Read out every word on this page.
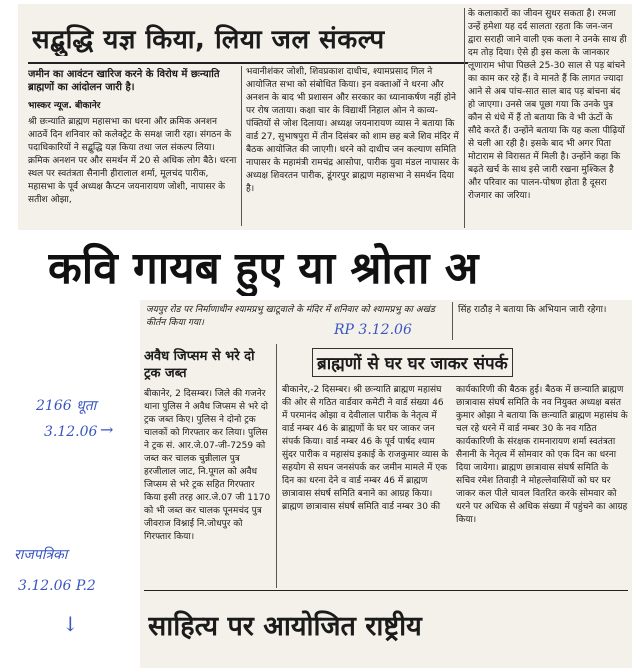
सद्बुद्धि यज्ञ किया, लिया जल संकल्प
जमीन का आवंटन खारिज करने के विरोध में छःन्याति ब्राह्मणों का आंदोलन जारी है।
भास्कर न्यूज. बीकानेर
श्री छःन्याति ब्राह्मण महासभा का धरना और क्रमिक अनशन आठवें दिन शनिवार को कलेक्ट्रेट के समक्ष जारी रहा। संगठन के पदाधिकारियों ने सद्बुद्धि यज्ञ किया तथा जल संकल्प लिया। क्रमिक अनशन पर और समर्थन में 20 से अधिक लोग बैठे। धरना स्थल पर स्वतंत्रता सैनानी हीरालाल शर्मा, मूलचंद पारीक, महासभा के पूर्व अध्यक्ष कैप्टन जयनारायण जोशी, नापासर के सतीश ओझा,
भवानीशंकर जोशी, शिवप्रकाश दाधीच, श्यामप्रसाद गिल ने आयोजित सभा को संबोधित किया। इन वक्ताओं ने धरना और अनशन के बाद भी प्रशासन और सरकार का ध्यानाकर्षण नहीं होने पर रोष जताया। कक्षा चार के विद्यार्थी निहाल ओन ने काव्य-पंक्तियों से जोश दिलाया। अध्यक्ष जयनारायण व्यास ने बताया कि वार्ड 27, सुभाषपुरा में तीन दिसंबर को शाम छह बजे शिव मंदिर में बैठक आयोजित की जाएगी। धरने को दाधीच जन कल्याण समिति नापासर के महामंत्री रामचंद्र आसोपा, पारीक युवा मंडल नापासर के अध्यक्ष शिवरतन पारीक, डूंगरपुर ब्राह्मण महासभा ने समर्थन दिया है।
के कलाकारों का जीवन सुधर सकता है। रमजा उन्हें हमेशा यह दर्द सालता रहता कि जन-जन द्वारा सराही जाने वाली एक कला ने उनके साथ ही दम तोड़ दिया। ऐसे ही इस कला के जानकार लूणाराम भोपा पिछले 25-30 साल से पड़ बांचने का काम कर रहे हैं। वे मानते हैं कि लागत ज्यादा आने से अब पांच-सात साल बाद पड़ बांचना बंद हो जाएगा। उनसे जब पूछा गया कि उनके पुत्र कौन से धंधे में हैं तो बताया कि वे भी ऊंटों के सौदे करते हैं। उन्होंने बताया कि यह कला पीढ़ियों से चली आ रही है। इसके बाद भी अगर पिता मोटाराम से विरासत में मिली है। उन्होंने कहा कि बढ़ते खर्च के साथ इसे जारी रखना मुश्किल है और परिवार का पालन-पोषण होता है दूसरा रोजगार का जरिया।
कवि गायब हुए या श्रोता अ
जयपुर रोड पर निर्माणाधीन श्यामप्रभु खाटूवाले के मंदिर में शनिवार को श्यामप्रभु का अखंड कीर्तन किया गया।
सिंह राठौड़ ने बताया कि अभियान जारी रहेगा।
अवैध जिप्सम से भरे दो ट्रक जब्त
बीकानेर, 2 दिसम्बर। जिले की गजनेर थाना पुलिस ने अवैध जिप्सम से भरे दो ट्रक जब्त किए। पुलिस ने दोनो ट्रक चालकों को गिरफ्तार कर लिया। पुलिस ने ट्रक सं. आर.जे.07-जी-7259 को जब्त कर चालक चुन्नीलाल पुत्र हरजीलाल जाट, नि.पूगल को अवैध जिप्सम से भरे ट्रक सहित गिरफ्तार किया इसी तरह आर.जे.07 जी 1170 को भी जब्त कर चालक पूनमचंद पुत्र जीवराज विश्नाई नि.जोधपुर को गिरफ्तार किया।
ब्राह्मणों से घर घर जाकर संपर्क
बीकानेर,-2 दिसम्बर। श्री छःन्याति ब्राह्मण महासंघ की ओर से गठित वार्डवार कमेटी ने वार्ड संख्या 46 में परमानंद ओझा व देवीलाल पारीक के नेतृत्व में वार्ड नम्बर 46 के ब्राह्मणों के घर घर जाकर जन संपर्क किया। वार्ड नम्बर 46 के पूर्व पार्षद श्याम सुंदर पारीक व महासंघ इकाई के राजकुमार व्यास के सहयोग से सघन जनसंपर्क कर जमीन मामले में एक दिन का धरना देने व वार्ड नम्बर 46 में ब्राह्मण छात्रावास संघर्ष समिति बनाने का आग्रह किया। ब्राह्मण छात्रावास संघर्ष समिति वार्ड नम्बर 30 की
कार्यकारिणी की बैठक हुई। बैठक में छःन्याति ब्राह्मण छात्रावास संघर्ष समिति के नव नियुक्त अध्यक्ष बसंत कुमार ओझा ने बताया कि छःन्याति ब्राह्मण महासंघ के चल रहे धरने में वार्ड नम्बर 30 के नव गठित कार्यकारिणी के संरक्षक रामनारायण शर्मा स्वतंत्रता सैनानी के नेतृत्व में सोमवार को एक दिन का धरना दिया जायेगा। ब्राह्मण छात्रावास संघर्ष समिति के सचिव रमेश तिवाड़ी ने मोहल्लेवासियों को घर घर जाकर कल पीले चावल वितरित करके सोमवार को धरने पर अधिक से अधिक संख्या में पहुंचने का आग्रह किया।
साहित्य पर आयोजित राष्ट्रीय
RP 3.12.06
2166 धूता
3.12.06 →
राजपत्रिका
3.12.06 P.2
↓
